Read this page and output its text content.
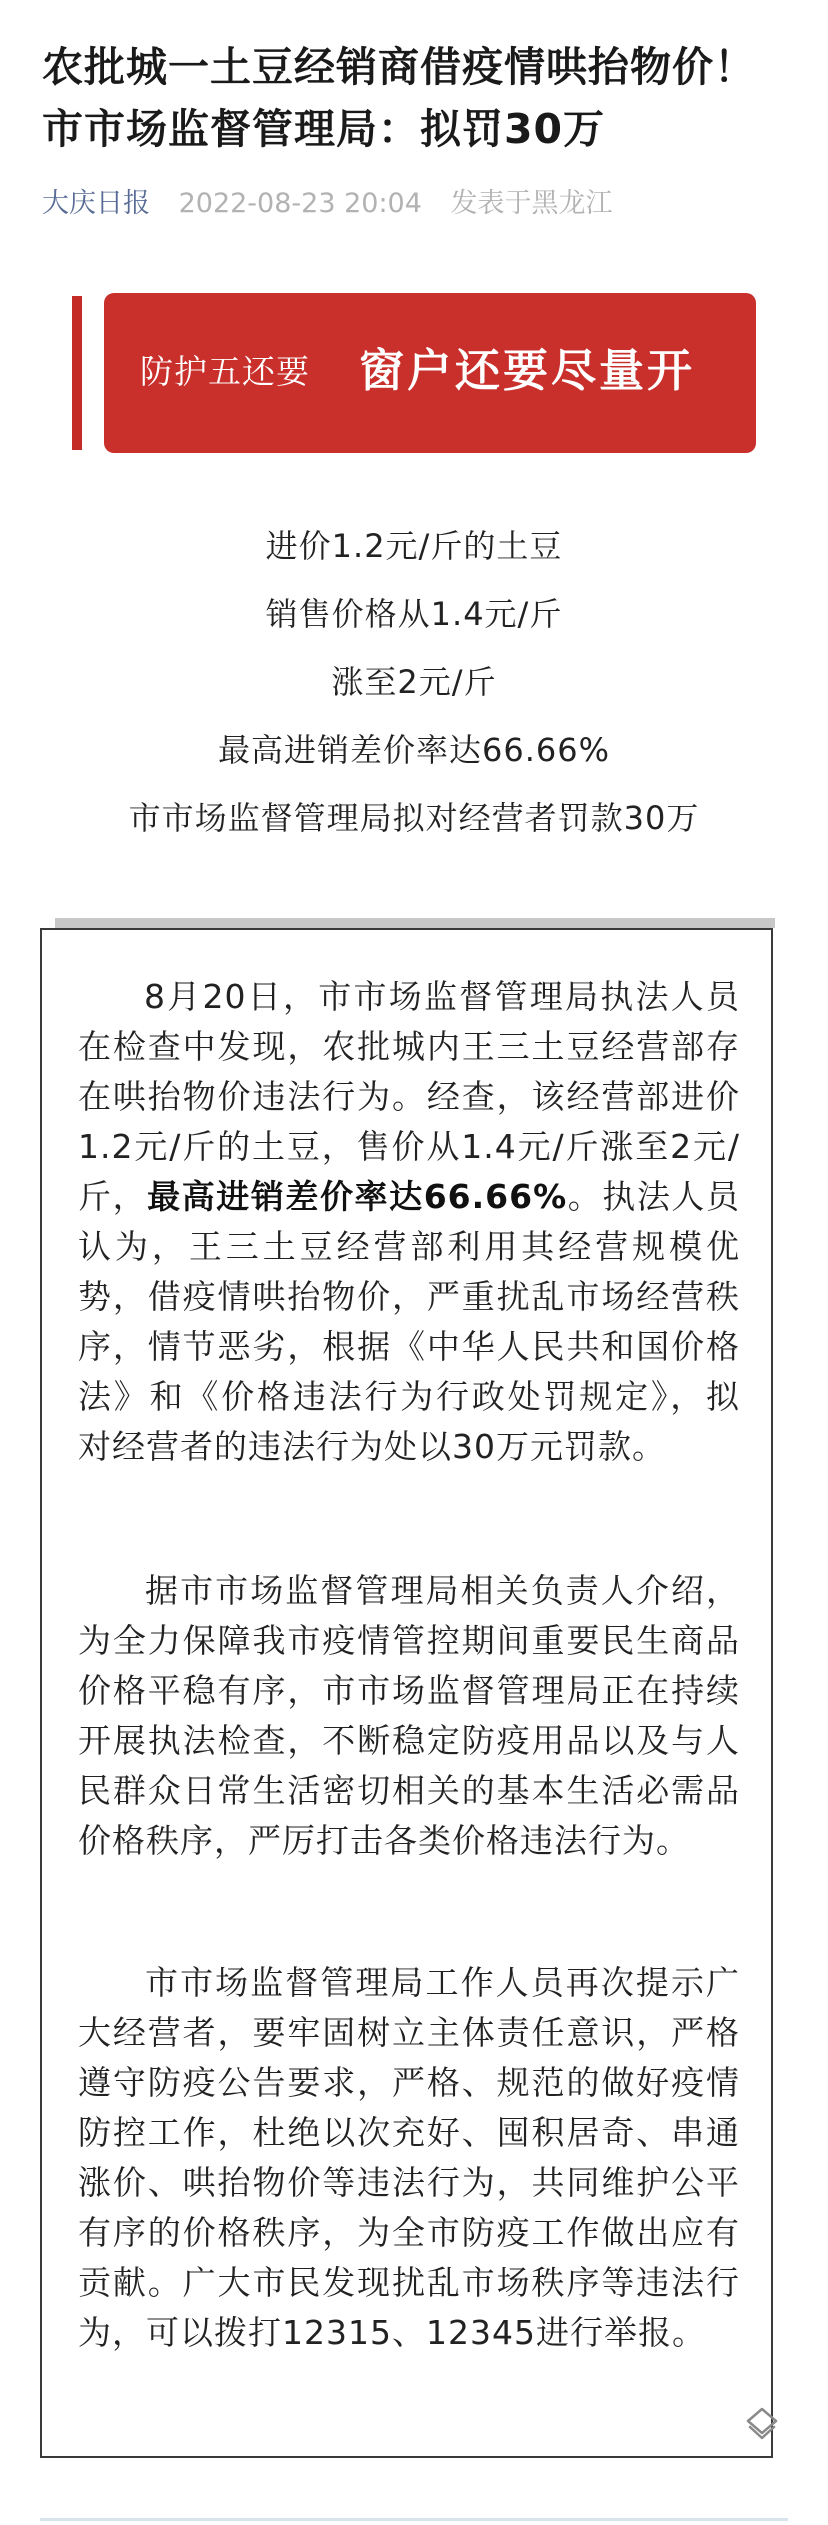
农批城一土豆经销商借疫情哄抬物价！市市场监督管理局：拟罚30万
大庆日报 2022-08-23 20:04 发表于黑龙江
防护五还要 窗户还要尽量开
进价1.2元/斤的土豆
销售价格从1.4元/斤
涨至2元/斤
最高进销差价率达66.66%
市市场监督管理局拟对经营者罚款30万

8月20日，市市场监督管理局执法人员在检查中发现，农批城内王三土豆经营部存在哄抬物价违法行为。经查，该经营部进价1.2元/斤的土豆，售价从1.4元/斤涨至2元/斤，最高进销差价率达66.66%。执法人员认为，王三土豆经营部利用其经营规模优势，借疫情哄抬物价，严重扰乱市场经营秩序，情节恶劣，根据《中华人民共和国价格法》和《价格违法行为行政处罚规定》，拟对经营者的违法行为处以30万元罚款。

据市市场监督管理局相关负责人介绍，为全力保障我市疫情管控期间重要民生商品价格平稳有序，市市场监督管理局正在持续开展执法检查，不断稳定防疫用品以及与人民群众日常生活密切相关的基本生活必需品价格秩序，严厉打击各类价格违法行为。

市市场监督管理局工作人员再次提示广大经营者，要牢固树立主体责任意识，严格遵守防疫公告要求，严格、规范的做好疫情防控工作，杜绝以次充好、囤积居奇、串通涨价、哄抬物价等违法行为，共同维护公平有序的价格秩序，为全市防疫工作做出应有贡献。广大市民发现扰乱市场秩序等违法行为，可以拨打12315、12345进行举报。
